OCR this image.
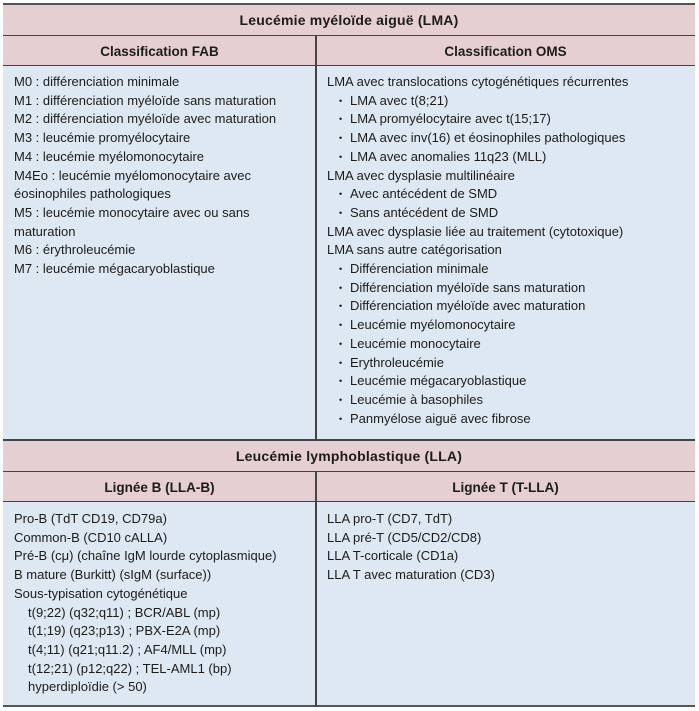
Leucémie myéloïde aiguë (LMA)
Classification FAB	Classification OMS
M0 : différenciation minimale
M1 : différenciation myéloïde sans maturation
M2 : différenciation myéloïde avec maturation
M3 : leucémie promyélocytaire
M4 : leucémie myélomonocytaire
M4Eo : leucémie myélomonocytaire avec
éosinophiles pathologiques
M5 : leucémie monocytaire avec ou sans
maturation
M6 : érythroleucémie
M7 : leucémie mégacaryoblastique
LMA avec translocations cytogénétiques récurrentes
• LMA avec t(8;21)
• LMA promyélocytaire avec t(15;17)
• LMA avec inv(16) et éosinophiles pathologiques
• LMA avec anomalies 11q23 (MLL)
LMA avec dysplasie multilinéaire
• Avec antécédent de SMD
• Sans antécédent de SMD
LMA avec dysplasie liée au traitement (cytotoxique)
LMA sans autre catégorisation
• Différenciation minimale
• Différenciation myéloïde sans maturation
• Différenciation myéloïde avec maturation
• Leucémie myélomonocytaire
• Leucémie monocytaire
• Erythroleucémie
• Leucémie mégacaryoblastique
• Leucémie à basophiles
• Panmyélose aiguë avec fibrose
Leucémie lymphoblastique (LLA)
Lignée B (LLA-B)	Lignée T (T-LLA)
Pro-B (TdT CD19, CD79a)
Common-B (CD10 cALLA)
Pré-B (cμ) (chaîne IgM lourde cytoplasmique)
B mature (Burkitt) (sIgM (surface))
Sous-typisation cytogénétique
t(9;22) (q32;q11) ; BCR/ABL (mp)
t(1;19) (q23;p13) ; PBX-E2A (mp)
t(4;11) (q21;q11.2) ; AF4/MLL (mp)
t(12;21) (p12;q22) ; TEL-AML1 (bp)
hyperdiploïdie (> 50)
LLA pro-T (CD7, TdT)
LLA pré-T (CD5/CD2/CD8)
LLA T-corticale (CD1a)
LLA T avec maturation (CD3)
